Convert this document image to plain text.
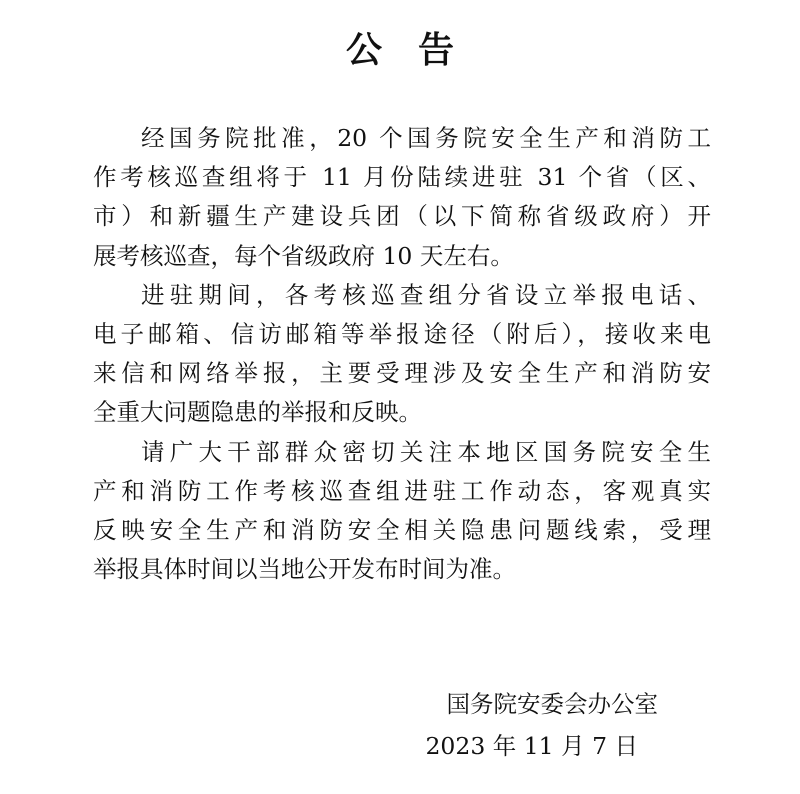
公告
经国务院批准，20 个国务院安全生产和消防工
作考核巡查组将于 11 月份陆续进驻 31 个省（区、
市）和新疆生产建设兵团（以下简称省级政府）开
展考核巡查，每个省级政府 10 天左右。
进驻期间，各考核巡查组分省设立举报电话、
电子邮箱、信访邮箱等举报途径（附后），接收来电
来信和网络举报，主要受理涉及安全生产和消防安
全重大问题隐患的举报和反映。
请广大干部群众密切关注本地区国务院安全生
产和消防工作考核巡查组进驻工作动态，客观真实
反映安全生产和消防安全相关隐患问题线索，受理
举报具体时间以当地公开发布时间为准。
国务院安委会办公室
2023 年 11 月 7 日
